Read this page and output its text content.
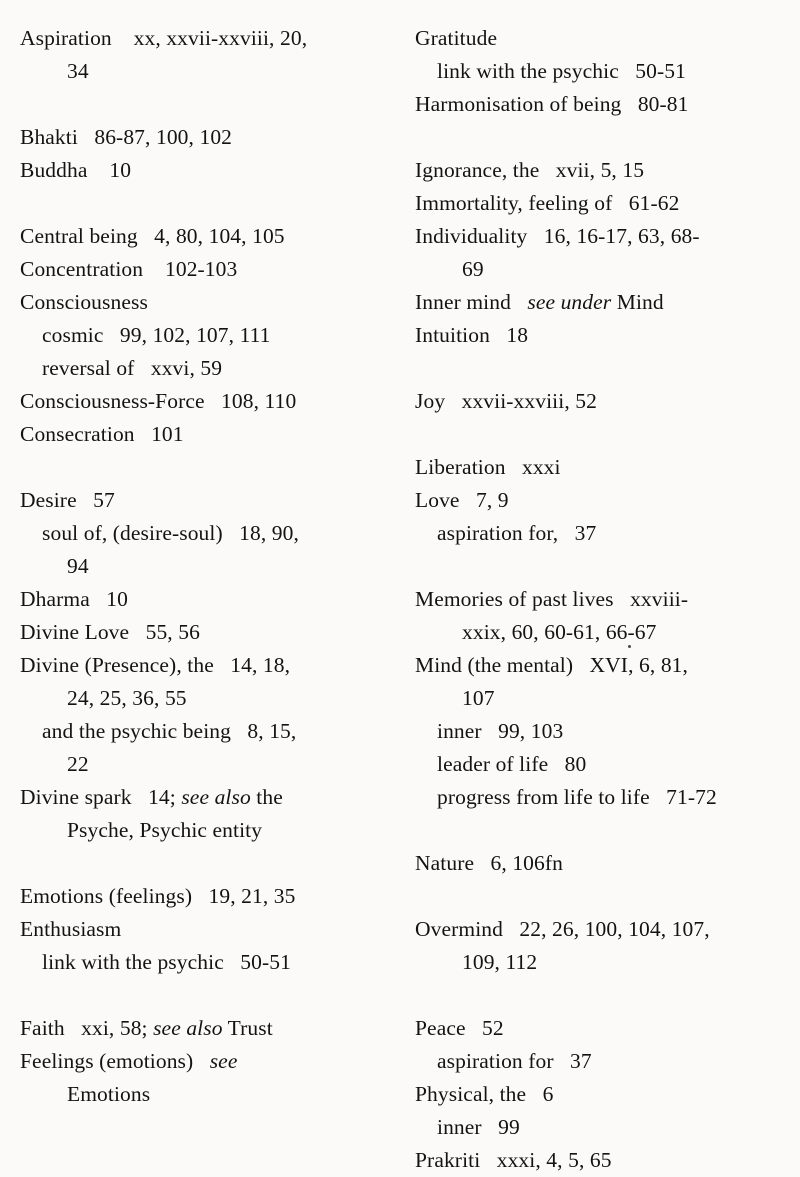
Aspiration    xx, xxvii-xxviii, 20,
34
Bhakti   86-87, 100, 102
Buddha    10
Central being   4, 80, 104, 105
Concentration    102-103
Consciousness
cosmic   99, 102, 107, 111
reversal of   xxvi, 59
Consciousness-Force   108, 110
Consecration   101
Desire   57
soul of, (desire-soul)   18, 90,
94
Dharma   10
Divine Love   55, 56
Divine (Presence), the   14, 18,
24, 25, 36, 55
and the psychic being   8, 15,
22
Divine spark   14; see also the
Psyche, Psychic entity
Emotions (feelings)   19, 21, 35
Enthusiasm
link with the psychic   50-51
Faith   xxi, 58; see also Trust
Feelings (emotions)   see
Emotions
Gratitude
link with the psychic   50-51
Harmonisation of being   80-81
Ignorance, the   xvii, 5, 15
Immortality, feeling of   61-62
Individuality   16, 16-17, 63, 68-
69
Inner mind   see under Mind
Intuition   18
Joy   xxvii-xxviii, 52
Liberation   xxxi
Love   7, 9
aspiration for,   37
Memories of past lives   xxviii-
xxix, 60, 60-61, 66-67
Mind (the mental)   XVI, 6, 81,
107
inner   99, 103
leader of life   80
progress from life to life   71-72
Nature   6, 106fn
Overmind   22, 26, 100, 104, 107,
109, 112
Peace   52
aspiration for   37
Physical, the   6
inner   99
Prakriti   xxxi, 4, 5, 65
